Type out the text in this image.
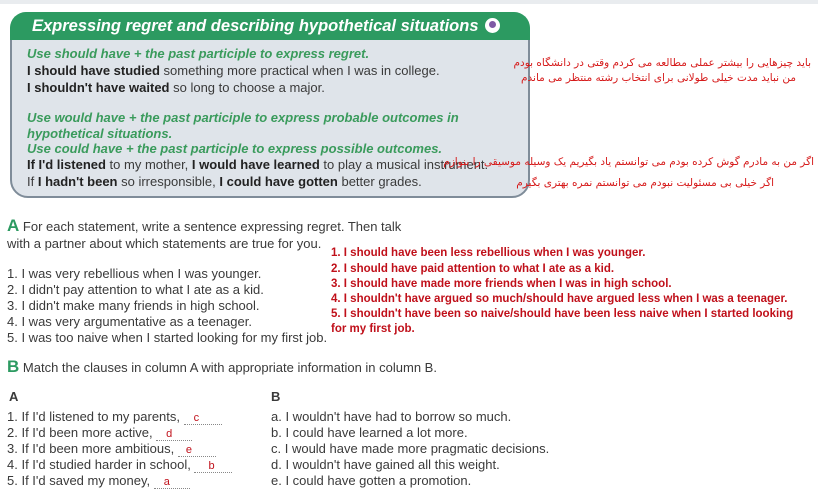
Expressing regret and describing hypothetical situations
Use should have + the past participle to express regret.
I should have studied something more practical when I was in college.
I shouldn't have waited so long to choose a major.
Use would have + the past participle to express probable outcomes in
hypothetical situations.
Use could have + the past participle to express possible outcomes.
If I'd listened to my mother, I would have learned to play a musical instrument.
If I hadn't been so irresponsible, I could have gotten better grades.
باید چیزهایی را بیشتر عملی مطالعه می کردم وقتی در دانشگاه بودم
من نباید مدت خیلی طولانی برای انتخاب رشته منتظر می ماندم
اگر من به مادرم گوش کرده بودم می توانستم یاد بگیریم یک وسیله موسیقی را بنوازم
اگر خیلی بی مسئولیت نبودم می توانستم نمره بهتری بگیرم
A For each statement, write a sentence expressing regret. Then talk
with a partner about which statements are true for you.
1. I was very rebellious when I was younger.
2. I didn't pay attention to what I ate as a kid.
3. I didn't make many friends in high school.
4. I was very argumentative as a teenager.
5. I was too naive when I started looking for my first job.
1. I should have been less rebellious when I was younger.
2. I should have paid attention to what I ate as a kid.
3. I should have made more friends when I was in high school.
4. I shouldn't have argued so much/should have argued less when I was a teenager.
5. I shouldn't have been so naive/should have been less naive when I started looking
for my first job.
B Match the clauses in column A with appropriate information in column B.
A	B
1. If I'd listened to my parents, c
2. If I'd been more active, d
3. If I'd been more ambitious, e
4. If I'd studied harder in school, b
5. If I'd saved my money, a
a. I wouldn't have had to borrow so much.
b. I could have learned a lot more.
c. I would have made more pragmatic decisions.
d. I wouldn't have gained all this weight.
e. I could have gotten a promotion.
